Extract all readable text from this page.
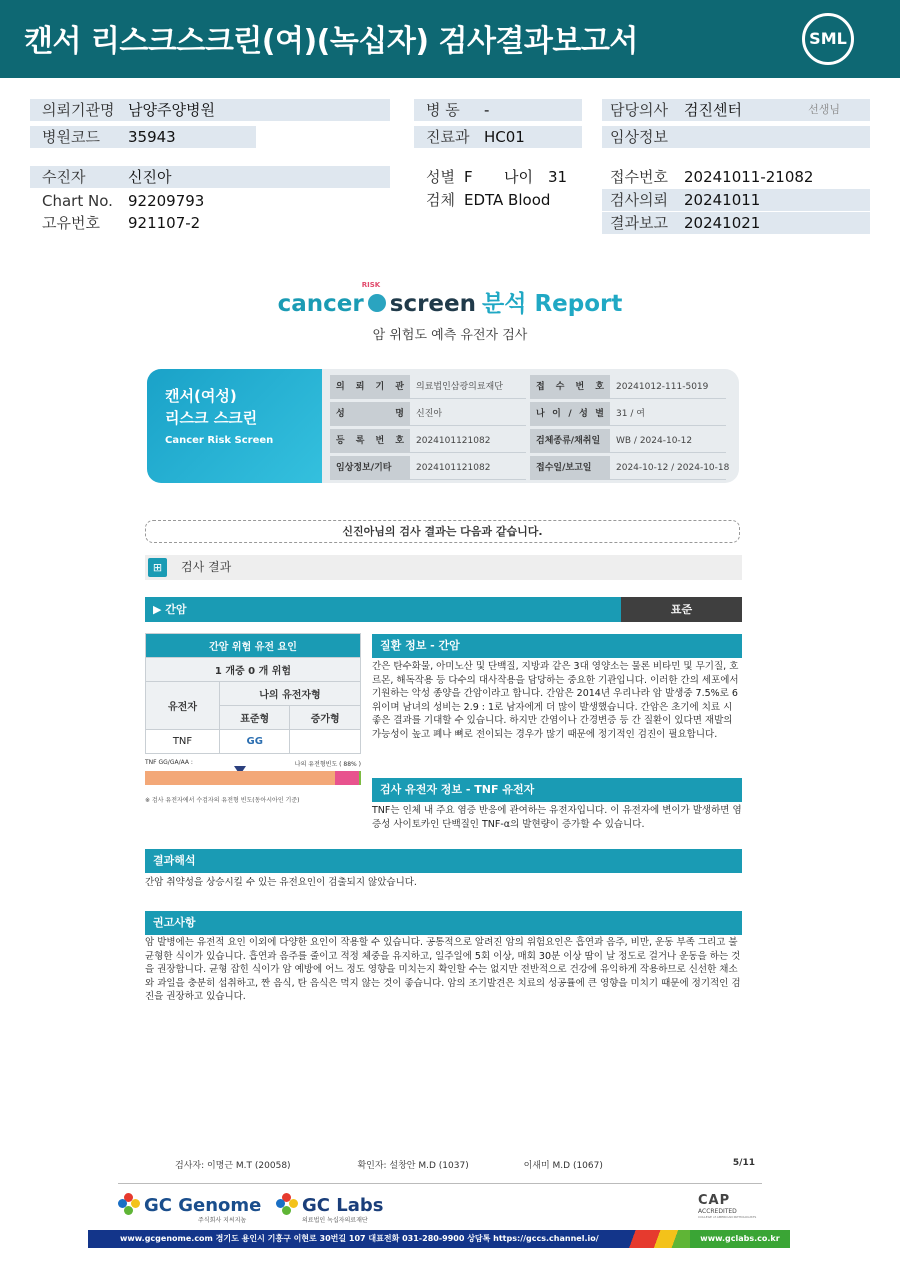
캔서 리스크스크린(여)(녹십자) 검사결과보고서	SML
의뢰기관명 남양주양병원
병원코드 35943
수진자	신진아
Chart No. 92209793
고유번호 921107-2
병 동 -
진료과 HC01
성별 F 나이 31
검체 EDTA Blood
담당의사 검진센터	선생님
임상정보
접수번호 20241011-21082
검사의뢰 20241011
결과보고 20241021
cancer
RISK
screen 분석 Report
암 위험도 예측 유전자 검사
캔서(여성)
리스크 스크린
Cancer Risk Screen
의 뢰 기 관	의료법인삼광의료재단	접 수 번 호	20241012-111-5019
성 명	신진아	나 이 / 성 별	31 / 여
등 록 번 호	2024101121082	검체종류/채취일	WB / 2024-10-12
임상정보/기타	2024101121082	접수일/보고일	2024-10-12 / 2024-10-18
신진아님의 검사 결과는 다음과 같습니다.
⊞	검사 결과
▶ 간암	표준
간암 위험 유전 요인		
1 개중 0 개 위험		
유전자	나의 유전자형	
	표준형	증가형
TNF	GG	
TNF GG/GA/AA :	나의 유전형빈도 ( 88% )
※ 검사 유전자에서 수검자의 유전형 빈도(동아시아인 기준)
질환 정보 - 간암
간은 탄수화물, 아미노산 및 단백질, 지방과 같은 3대 영양소는 물론 비타민 및 무기질, 호르몬, 해독작용 등 다수의 대사작용을 담당하는 중요한 기관입니다. 이러한 간의 세포에서 기원하는 악성 종양을 간암이라고 합니다. 간암은 2014년 우리나라 암 발생중 7.5%로 6위이며 남녀의 성비는 2.9 : 1로 남자에게 더 많이 발생했습니다. 간암은 초기에 치료 시 좋은 결과를 기대할 수 있습니다. 하지만 간염이나 간경변증 등 간 질환이 있다면 재발의 가능성이 높고 폐나 뼈로 전이되는 경우가 많기 때문에 정기적인 검진이 필요합니다.
검사 유전자 정보 - TNF 유전자
TNF는 인체 내 주요 염증 반응에 관여하는 유전자입니다. 이 유전자에 변이가 발생하면 염증성 사이토카인 단백질인 TNF-α의 발현량이 증가할 수 있습니다.
결과해석
간암 취약성을 상승시킬 수 있는 유전요인이 검출되지 않았습니다.
권고사항
암 발병에는 유전적 요인 이외에 다양한 요인이 작용할 수 있습니다. 공통적으로 알려진 암의 위험요인은 흡연과 음주, 비만, 운동 부족 그리고 불균형한 식이가 있습니다. 흡연과 음주를 줄이고 적정 체중을 유지하고, 일주일에 5회 이상, 매회 30분 이상 땀이 날 정도로 걸거나 운동을 하는 것을 권장합니다. 균형 잡힌 식이가 암 예방에 어느 정도 영향을 미치는지 확인할 수는 없지만 전반적으로 건강에 유익하게 작용하므로 신선한 채소와 과일을 충분히 섭취하고, 짠 음식, 탄 음식은 먹지 않는 것이 좋습니다. 암의 조기발견은 치료의 성공률에 큰 영향을 미치기 때문에 정기적인 검진을 권장하고 있습니다.
검사자: 이명근 M.T (20058)	확인자: 설창안 M.D (1037)	이새미 M.D (1067)	5/11
GC Genome
주식회사 지씨지놈
GC Labs
의료법인 녹십자의료재단
CAP
ACCREDITED
COLLEGE of AMERICAN PATHOLOGISTS
www.gcgenome.com 경기도 용인시 기흥구 이현로 30번길 107 대표전화 031-280-9900 상담톡 https://gccs.channel.io/	www.gclabs.co.kr
